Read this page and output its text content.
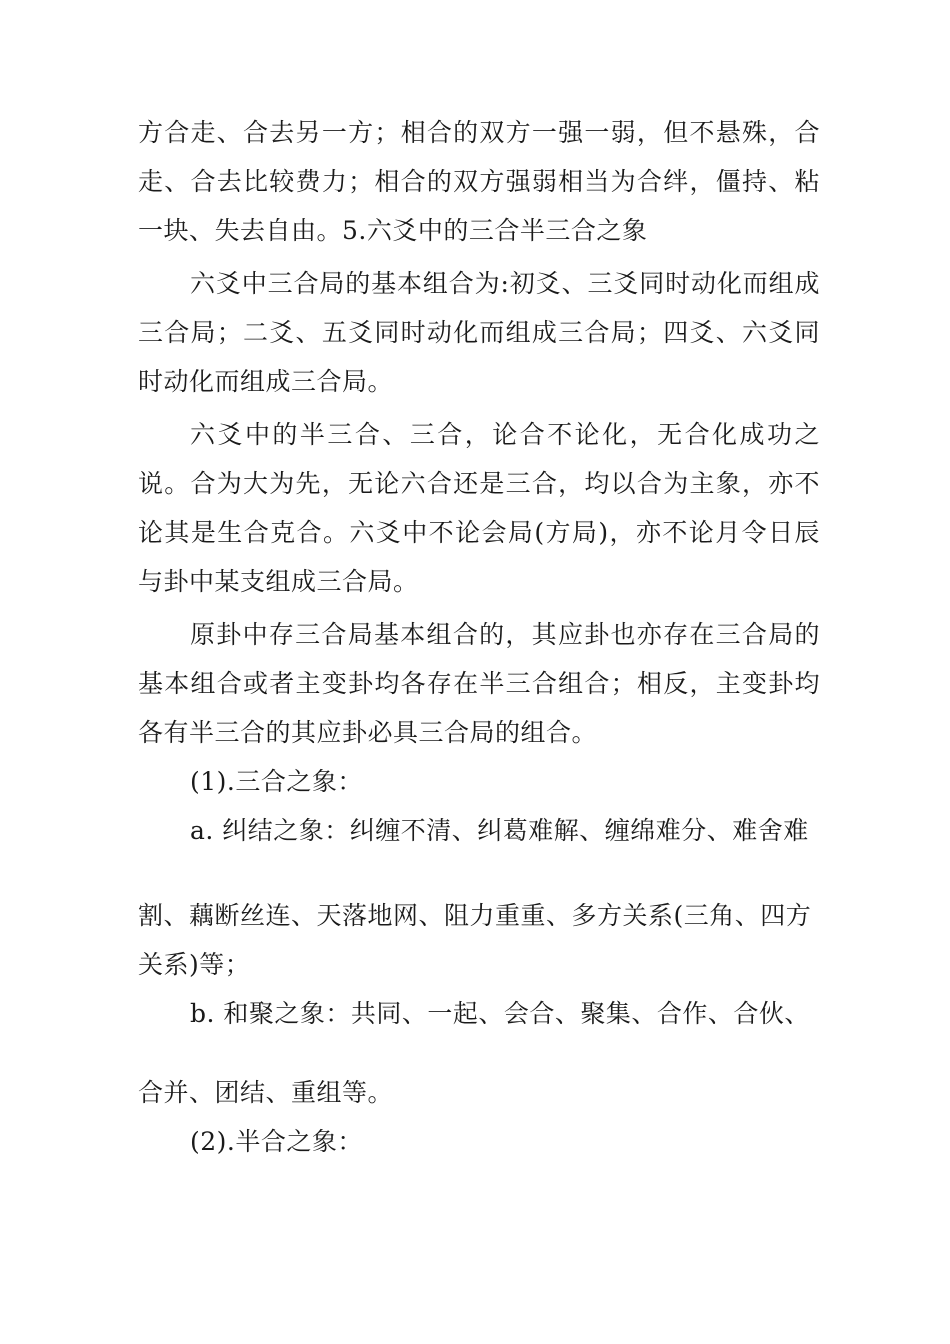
方合走、合去另一方；相合的双方一强一弱，但不悬殊，合走、合去比较费力；相合的双方强弱相当为合绊，僵持、粘一块、失去自由。5.六爻中的三合半三合之象

六爻中三合局的基本组合为:初爻、三爻同时动化而组成三合局；二爻、五爻同时动化而组成三合局；四爻、六爻同时动化而组成三合局。

六爻中的半三合、三合，论合不论化，无合化成功之说。合为大为先，无论六合还是三合，均以合为主象，亦不论其是生合克合。六爻中不论会局(方局)，亦不论月令日辰与卦中某支组成三合局。

原卦中存三合局基本组合的，其应卦也亦存在三合局的基本组合或者主变卦均各存在半三合组合；相反，主变卦均各有半三合的其应卦必具三合局的组合。

(1).三合之象：

a. 纠结之象：纠缠不清、纠葛难解、缠绵难分、难舍难

割、藕断丝连、天落地网、阻力重重、多方关系(三角、四方关系)等；

b. 和聚之象：共同、一起、会合、聚集、合作、合伙、

合并、团结、重组等。

(2).半合之象：
